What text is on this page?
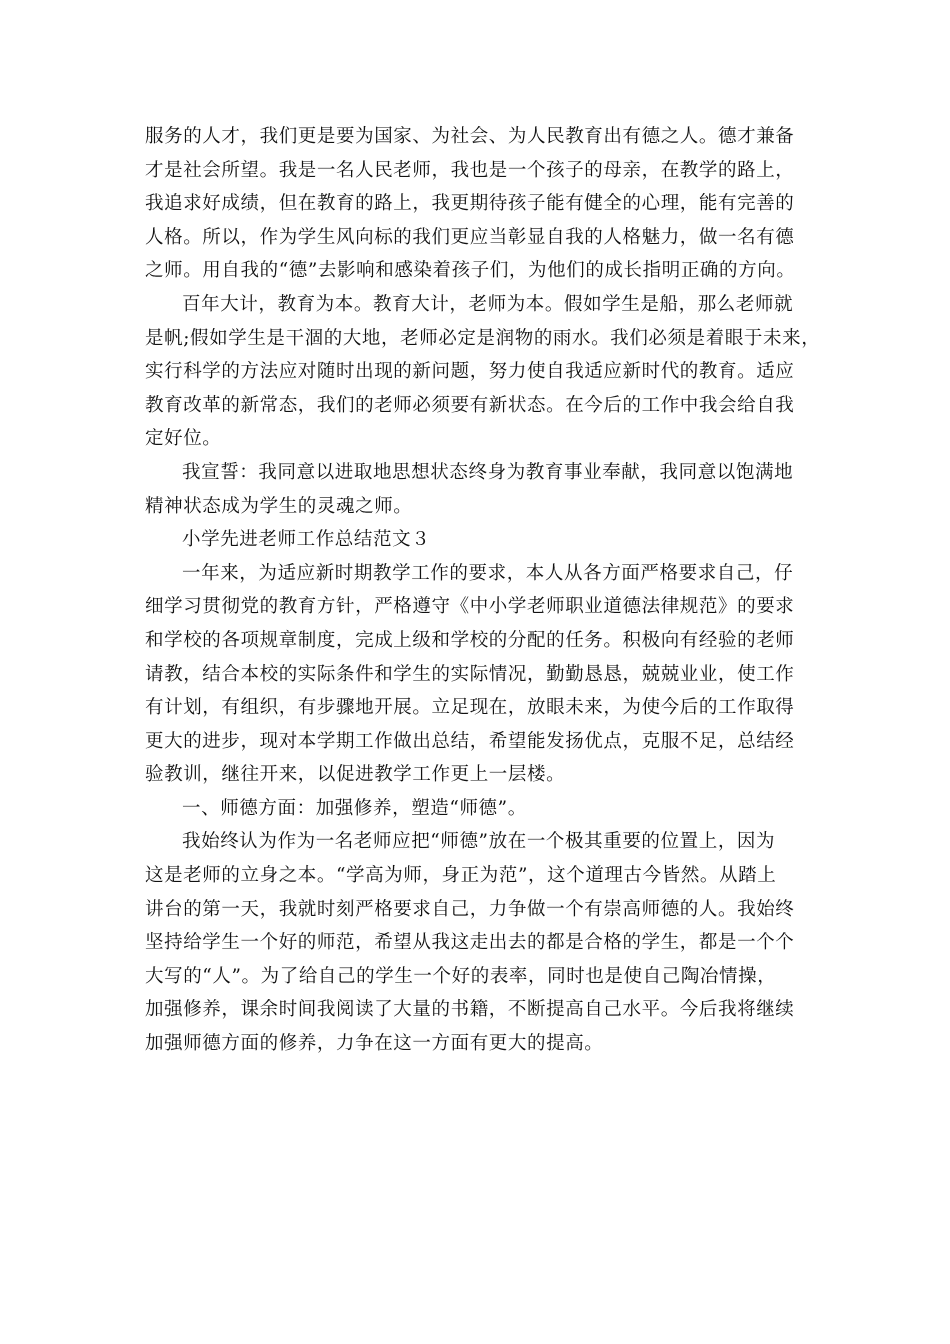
服务的人才，我们更是要为国家、为社会、为人民教育出有德之人。德才兼备
才是社会所望。我是一名人民老师，我也是一个孩子的母亲，在教学的路上，
我追求好成绩，但在教育的路上，我更期待孩子能有健全的心理，能有完善的
人格。所以，作为学生风向标的我们更应当彰显自我的人格魅力，做一名有德
之师。用自我的“德”去影响和感染着孩子们，为他们的成长指明正确的方向。
百年大计，教育为本。教育大计，老师为本。假如学生是船，那么老师就
是帆;假如学生是干涸的大地，老师必定是润物的雨水。我们必须是着眼于未来，
实行科学的方法应对随时出现的新问题，努力使自我适应新时代的教育。适应
教育改革的新常态，我们的老师必须要有新状态。在今后的工作中我会给自我
定好位。
我宣誓：我同意以进取地思想状态终身为教育事业奉献，我同意以饱满地
精神状态成为学生的灵魂之师。
小学先进老师工作总结范文３
一年来，为适应新时期教学工作的要求，本人从各方面严格要求自己，仔
细学习贯彻党的教育方针，严格遵守《中小学老师职业道德法律规范》的要求
和学校的各项规章制度，完成上级和学校的分配的任务。积极向有经验的老师
请教，结合本校的实际条件和学生的实际情况，勤勤恳恳，兢兢业业，使工作
有计划，有组织，有步骤地开展。立足现在，放眼未来，为使今后的工作取得
更大的进步，现对本学期工作做出总结，希望能发扬优点，克服不足，总结经
验教训，继往开来，以促进教学工作更上一层楼。
一、师德方面：加强修养，塑造“师德”。
我始终认为作为一名老师应把“师德”放在一个极其重要的位置上，因为
这是老师的立身之本。“学高为师，身正为范”，这个道理古今皆然。从踏上
讲台的第一天，我就时刻严格要求自己，力争做一个有崇高师德的人。我始终
坚持给学生一个好的师范，希望从我这走出去的都是合格的学生，都是一个个
大写的“人”。为了给自己的学生一个好的表率，同时也是使自己陶冶情操，
加强修养，课余时间我阅读了大量的书籍，不断提高自己水平。今后我将继续
加强师德方面的修养，力争在这一方面有更大的提高。
